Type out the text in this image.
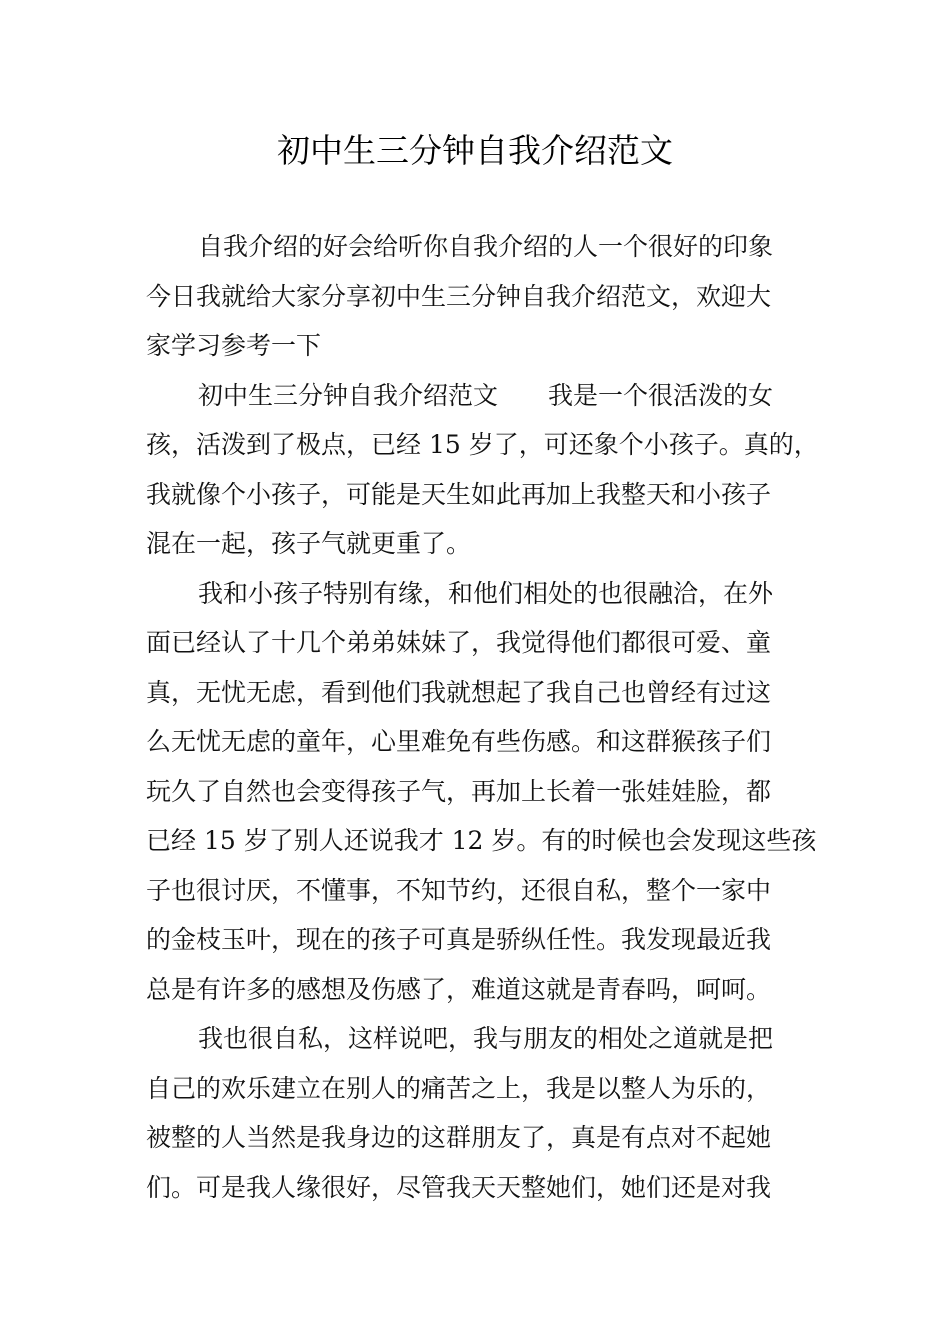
初中生三分钟自我介绍范文
自我介绍的好会给听你自我介绍的人一个很好的印象
今日我就给大家分享初中生三分钟自我介绍范文，欢迎大
家学习参考一下
初中生三分钟自我介绍范文　　我是一个很活泼的女
孩，活泼到了极点，已经 15 岁了，可还象个小孩子。真的，
我就像个小孩子，可能是天生如此再加上我整天和小孩子
混在一起，孩子气就更重了。
我和小孩子特别有缘，和他们相处的也很融洽，在外
面已经认了十几个弟弟妹妹了，我觉得他们都很可爱、童
真，无忧无虑，看到他们我就想起了我自己也曾经有过这
么无忧无虑的童年，心里难免有些伤感。和这群猴孩子们
玩久了自然也会变得孩子气，再加上长着一张娃娃脸，都
已经 15 岁了别人还说我才 12 岁。有的时候也会发现这些孩
子也很讨厌，不懂事，不知节约，还很自私，整个一家中
的金枝玉叶，现在的孩子可真是骄纵任性。我发现最近我
总是有许多的感想及伤感了，难道这就是青春吗，呵呵。
我也很自私，这样说吧，我与朋友的相处之道就是把
自己的欢乐建立在别人的痛苦之上，我是以整人为乐的，
被整的人当然是我身边的这群朋友了，真是有点对不起她
们。可是我人缘很好，尽管我天天整她们，她们还是对我
